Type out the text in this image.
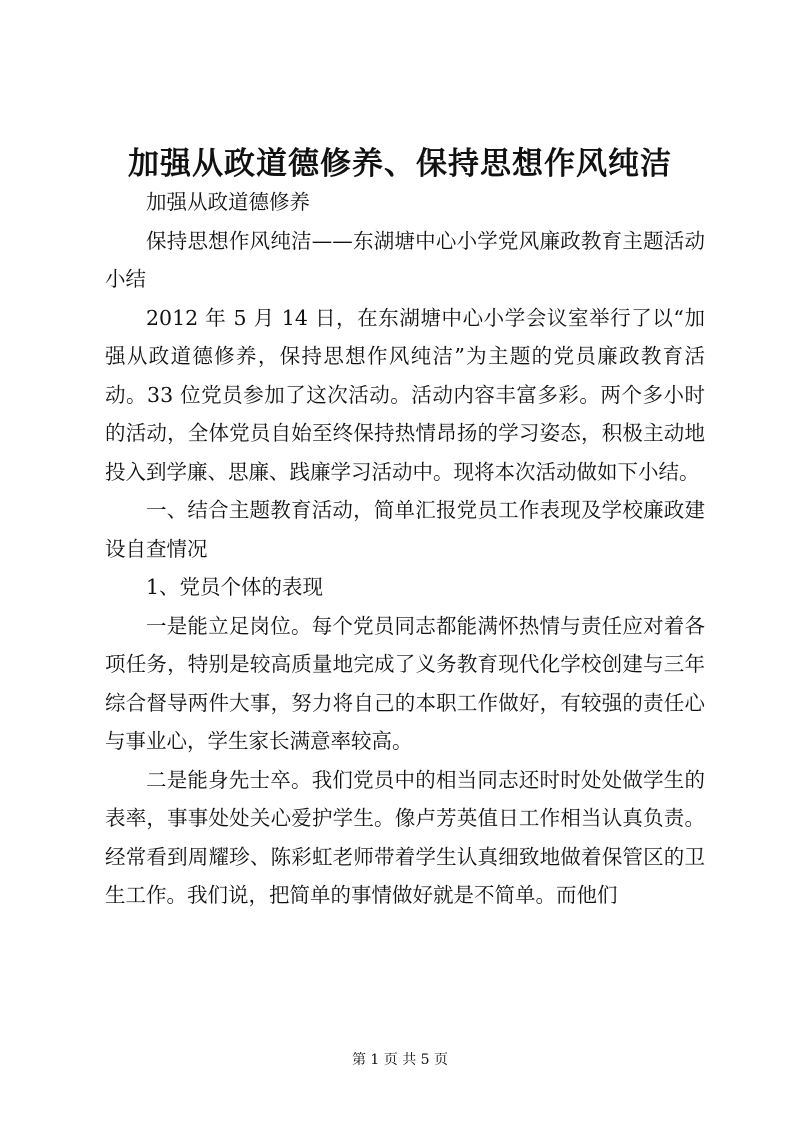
加强从政道德修养、保持思想作风纯洁

加强从政道德修养

保持思想作风纯洁——东湖塘中心小学党风廉政教育主题活动小结

2012 年 5 月 14 日，在东湖塘中心小学会议室举行了以“加强从政道德修养，保持思想作风纯洁”为主题的党员廉政教育活动。33 位党员参加了这次活动。活动内容丰富多彩。两个多小时的活动，全体党员自始至终保持热情昂扬的学习姿态，积极主动地投入到学廉、思廉、践廉学习活动中。现将本次活动做如下小结。

一、结合主题教育活动，简单汇报党员工作表现及学校廉政建设自查情况

1、党员个体的表现

一是能立足岗位。每个党员同志都能满怀热情与责任应对着各项任务，特别是较高质量地完成了义务教育现代化学校创建与三年综合督导两件大事，努力将自己的本职工作做好，有较强的责任心与事业心，学生家长满意率较高。

二是能身先士卒。我们党员中的相当同志还时时处处做学生的表率，事事处处关心爱护学生。像卢芳英值日工作相当认真负责。经常看到周耀珍、陈彩虹老师带着学生认真细致地做着保管区的卫生工作。我们说，把简单的事情做好就是不简单。而他们

第 1 页 共 5 页
